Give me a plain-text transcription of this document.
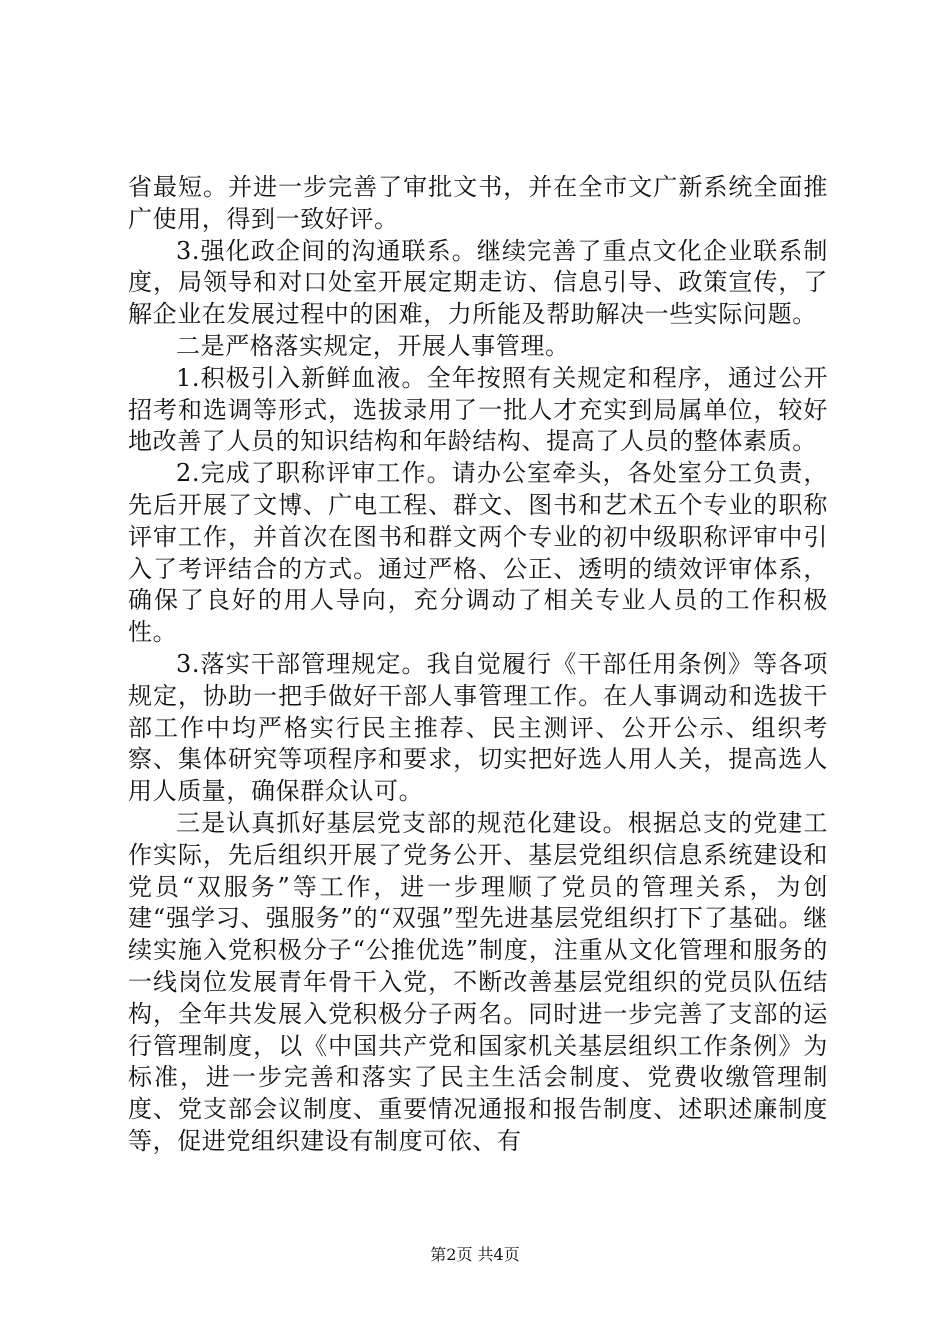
省最短。并进一步完善了审批文书，并在全市文广新系统全面推广使用，得到一致好评。

3.强化政企间的沟通联系。继续完善了重点文化企业联系制度，局领导和对口处室开展定期走访、信息引导、政策宣传，了解企业在发展过程中的困难，力所能及帮助解决一些实际问题。

二是严格落实规定，开展人事管理。

1.积极引入新鲜血液。全年按照有关规定和程序，通过公开招考和选调等形式，选拔录用了一批人才充实到局属单位，较好地改善了人员的知识结构和年龄结构、提高了人员的整体素质。

2.完成了职称评审工作。请办公室牵头，各处室分工负责，先后开展了文博、广电工程、群文、图书和艺术五个专业的职称评审工作，并首次在图书和群文两个专业的初中级职称评审中引入了考评结合的方式。通过严格、公正、透明的绩效评审体系，确保了良好的用人导向，充分调动了相关专业人员的工作积极性。

3.落实干部管理规定。我自觉履行《干部任用条例》等各项规定，协助一把手做好干部人事管理工作。在人事调动和选拔干部工作中均严格实行民主推荐、民主测评、公开公示、组织考察、集体研究等项程序和要求，切实把好选人用人关，提高选人用人质量，确保群众认可。

三是认真抓好基层党支部的规范化建设。根据总支的党建工作实际，先后组织开展了党务公开、基层党组织信息系统建设和党员“双服务”等工作，进一步理顺了党员的管理关系，为创建“强学习、强服务”的“双强”型先进基层党组织打下了基础。继续实施入党积极分子“公推优选”制度，注重从文化管理和服务的一线岗位发展青年骨干入党，不断改善基层党组织的党员队伍结构，全年共发展入党积极分子两名。同时进一步完善了支部的运行管理制度，以《中国共产党和国家机关基层组织工作条例》为标准，进一步完善和落实了民主生活会制度、党费收缴管理制度、党支部会议制度、重要情况通报和报告制度、述职述廉制度等，促进党组织建设有制度可依、有

第2页 共4页
